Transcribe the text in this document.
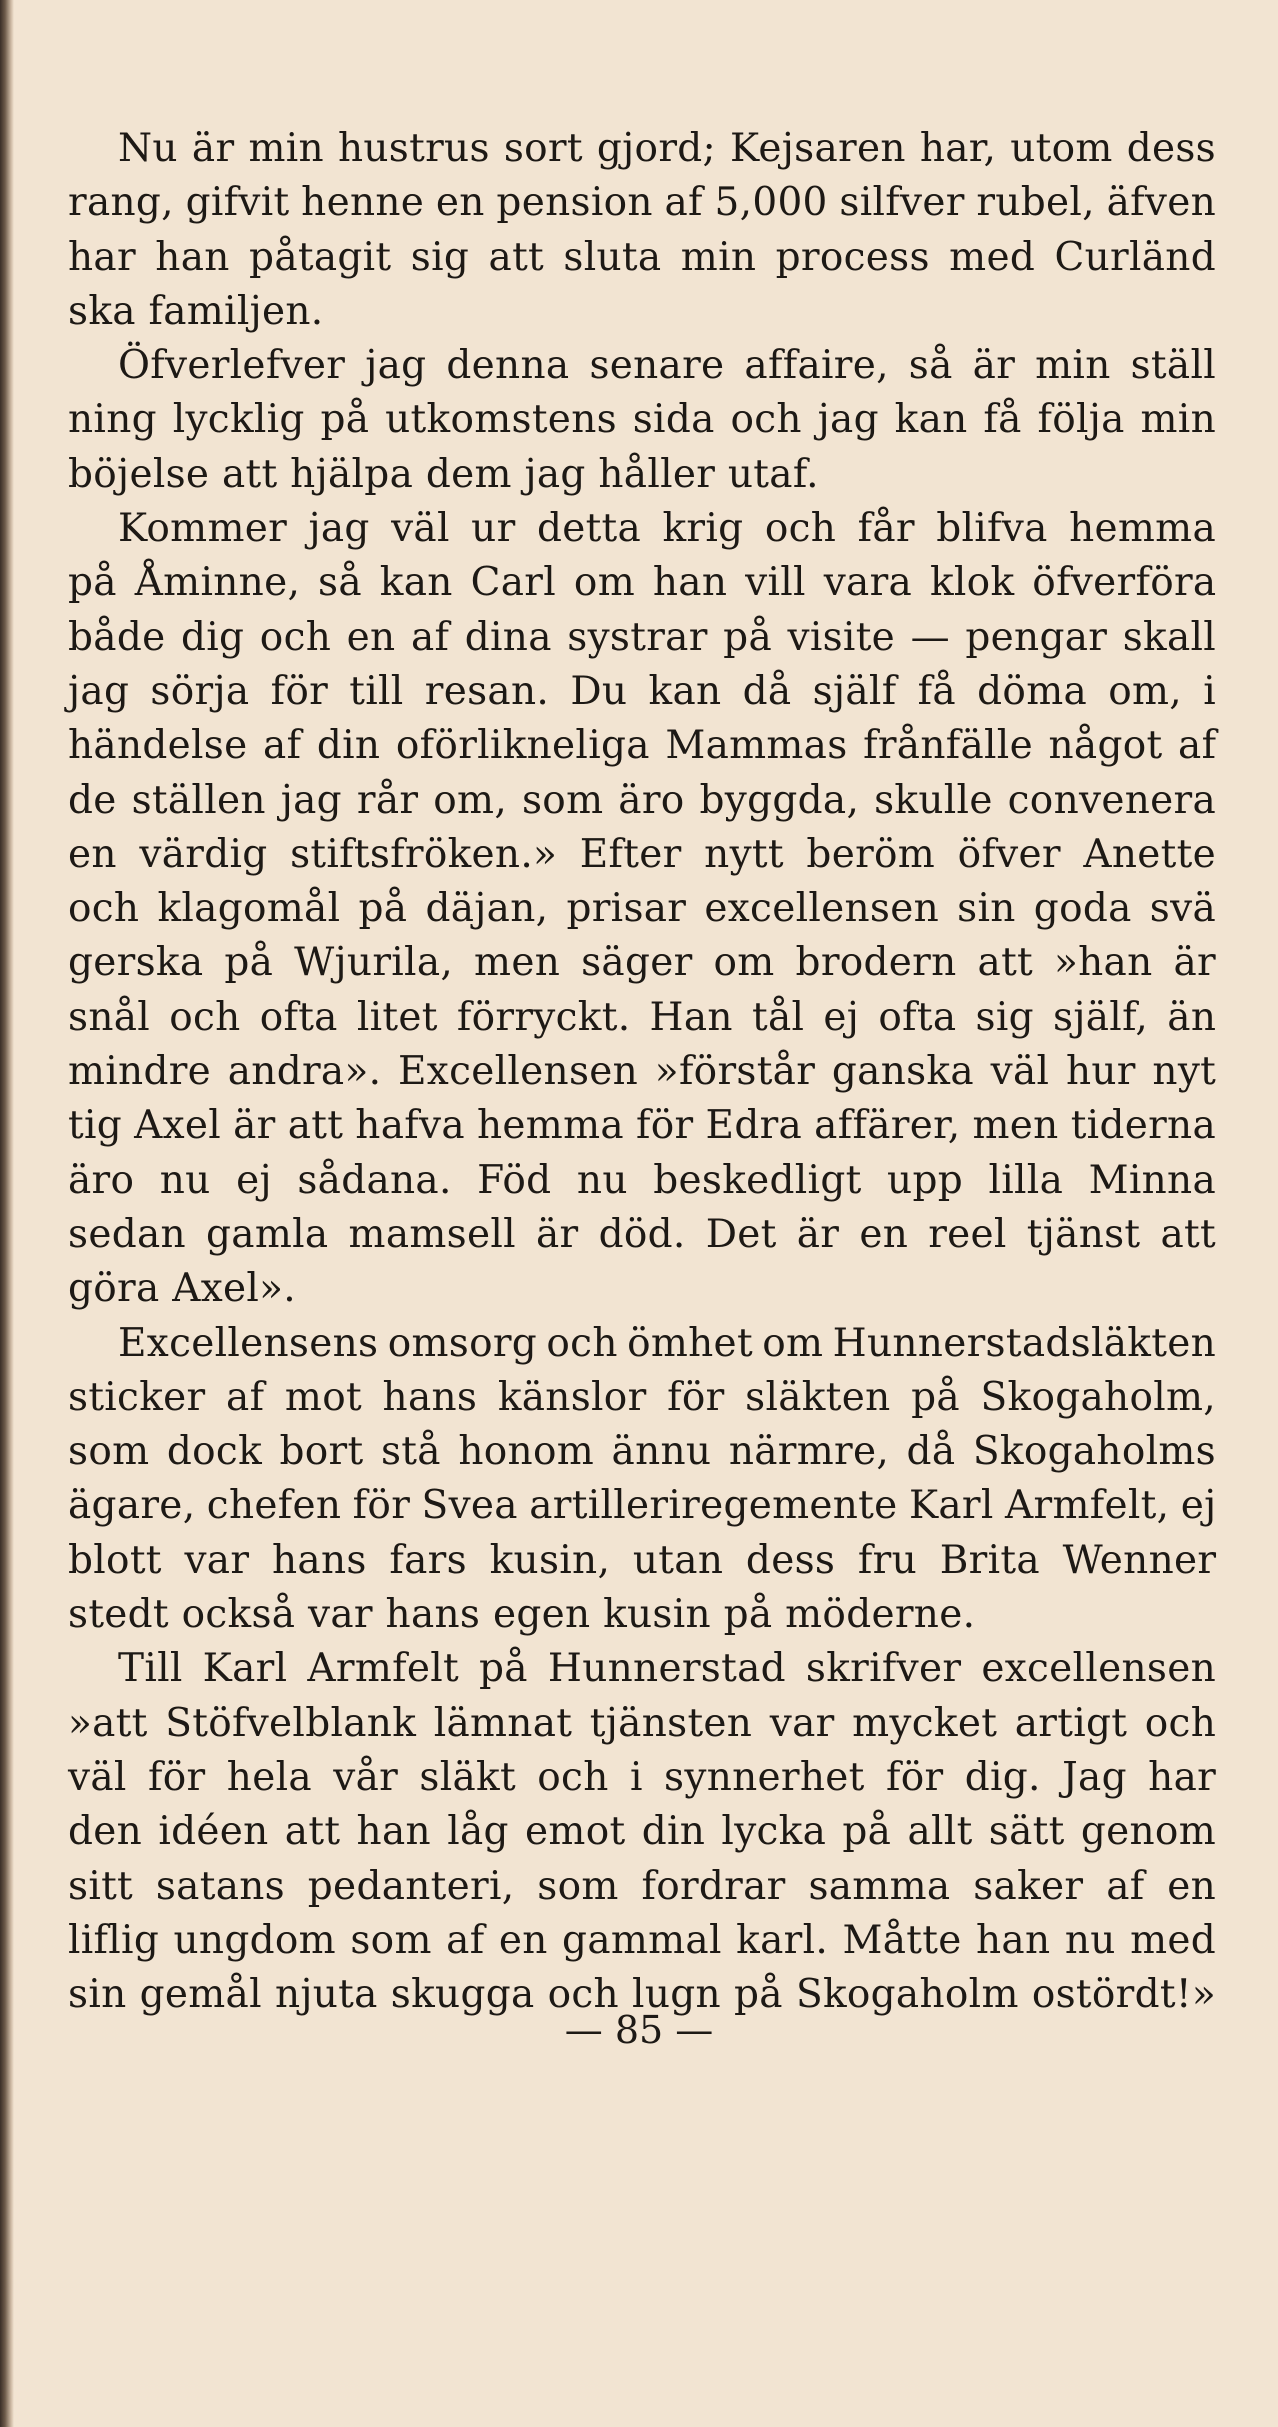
Nu är min hustrus sort gjord; Kejsaren har, utom dess
rang, gifvit henne en pension af 5,000 silfver rubel, äfven
har han påtagit sig att sluta min process med Curländ
ska familjen.
Öfverlefver jag denna senare affaire, så är min ställ
ning lycklig på utkomstens sida och jag kan få följa min
böjelse att hjälpa dem jag håller utaf.
Kommer jag väl ur detta krig och får blifva hemma
på Åminne, så kan Carl om han vill vara klok öfverföra
både dig och en af dina systrar på visite — pengar skall
jag sörja för till resan. Du kan då själf få döma om, i
händelse af din oförlikneliga Mammas frånfälle något af
de ställen jag rår om, som äro byggda, skulle convenera
en värdig stiftsfröken.» Efter nytt beröm öfver Anette
och klagomål på däjan, prisar excellensen sin goda svä
gerska på Wjurila, men säger om brodern att »han är
snål och ofta litet förryckt. Han tål ej ofta sig själf, än
mindre andra». Excellensen »förstår ganska väl hur nyt
tig Axel är att hafva hemma för Edra affärer, men tiderna
äro nu ej sådana. Föd nu beskedligt upp lilla Minna
sedan gamla mamsell är död. Det är en reel tjänst att
göra Axel».
Excellensens omsorg och ömhet om Hunnerstadsläkten
sticker af mot hans känslor för släkten på Skogaholm,
som dock bort stå honom ännu närmre, då Skogaholms
ägare, chefen för Svea artilleriregemente Karl Armfelt, ej
blott var hans fars kusin, utan dess fru Brita Wenner
stedt också var hans egen kusin på möderne.
Till Karl Armfelt på Hunnerstad skrifver excellensen
»att Stöfvelblank lämnat tjänsten var mycket artigt och
väl för hela vår släkt och i synnerhet för dig. Jag har
den idéen att han låg emot din lycka på allt sätt genom
sitt satans pedanteri, som fordrar samma saker af en
liflig ungdom som af en gammal karl. Måtte han nu med
sin gemål njuta skugga och lugn på Skogaholm ostördt!»
— 85 —
